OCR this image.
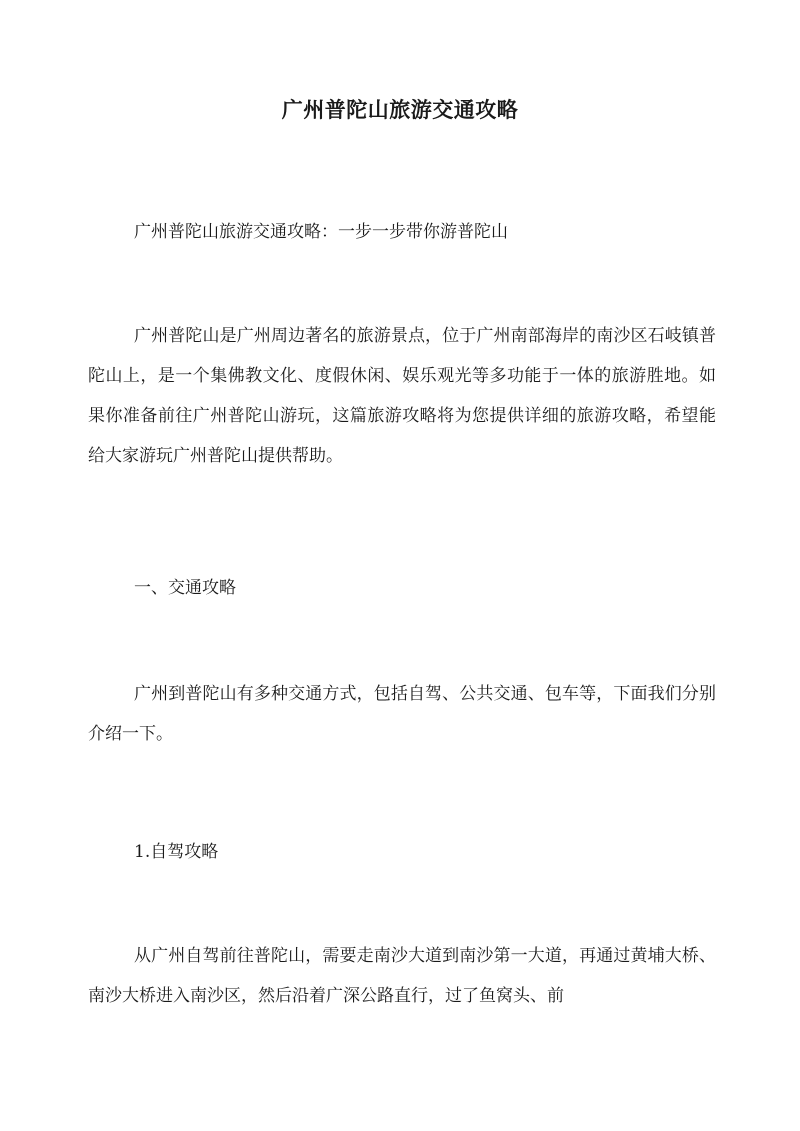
广州普陀山旅游交通攻略

广州普陀山旅游交通攻略：一步一步带你游普陀山

广州普陀山是广州周边著名的旅游景点，位于广州南部海岸的南沙区石岐镇普陀山上，是一个集佛教文化、度假休闲、娱乐观光等多功能于一体的旅游胜地。如果你准备前往广州普陀山游玩，这篇旅游攻略将为您提供详细的旅游攻略，希望能给大家游玩广州普陀山提供帮助。

一、交通攻略

广州到普陀山有多种交通方式，包括自驾、公共交通、包车等，下面我们分别介绍一下。

1.自驾攻略

从广州自驾前往普陀山，需要走南沙大道到南沙第一大道，再通过黄埔大桥、南沙大桥进入南沙区，然后沿着广深公路直行，过了鱼窝头、前
